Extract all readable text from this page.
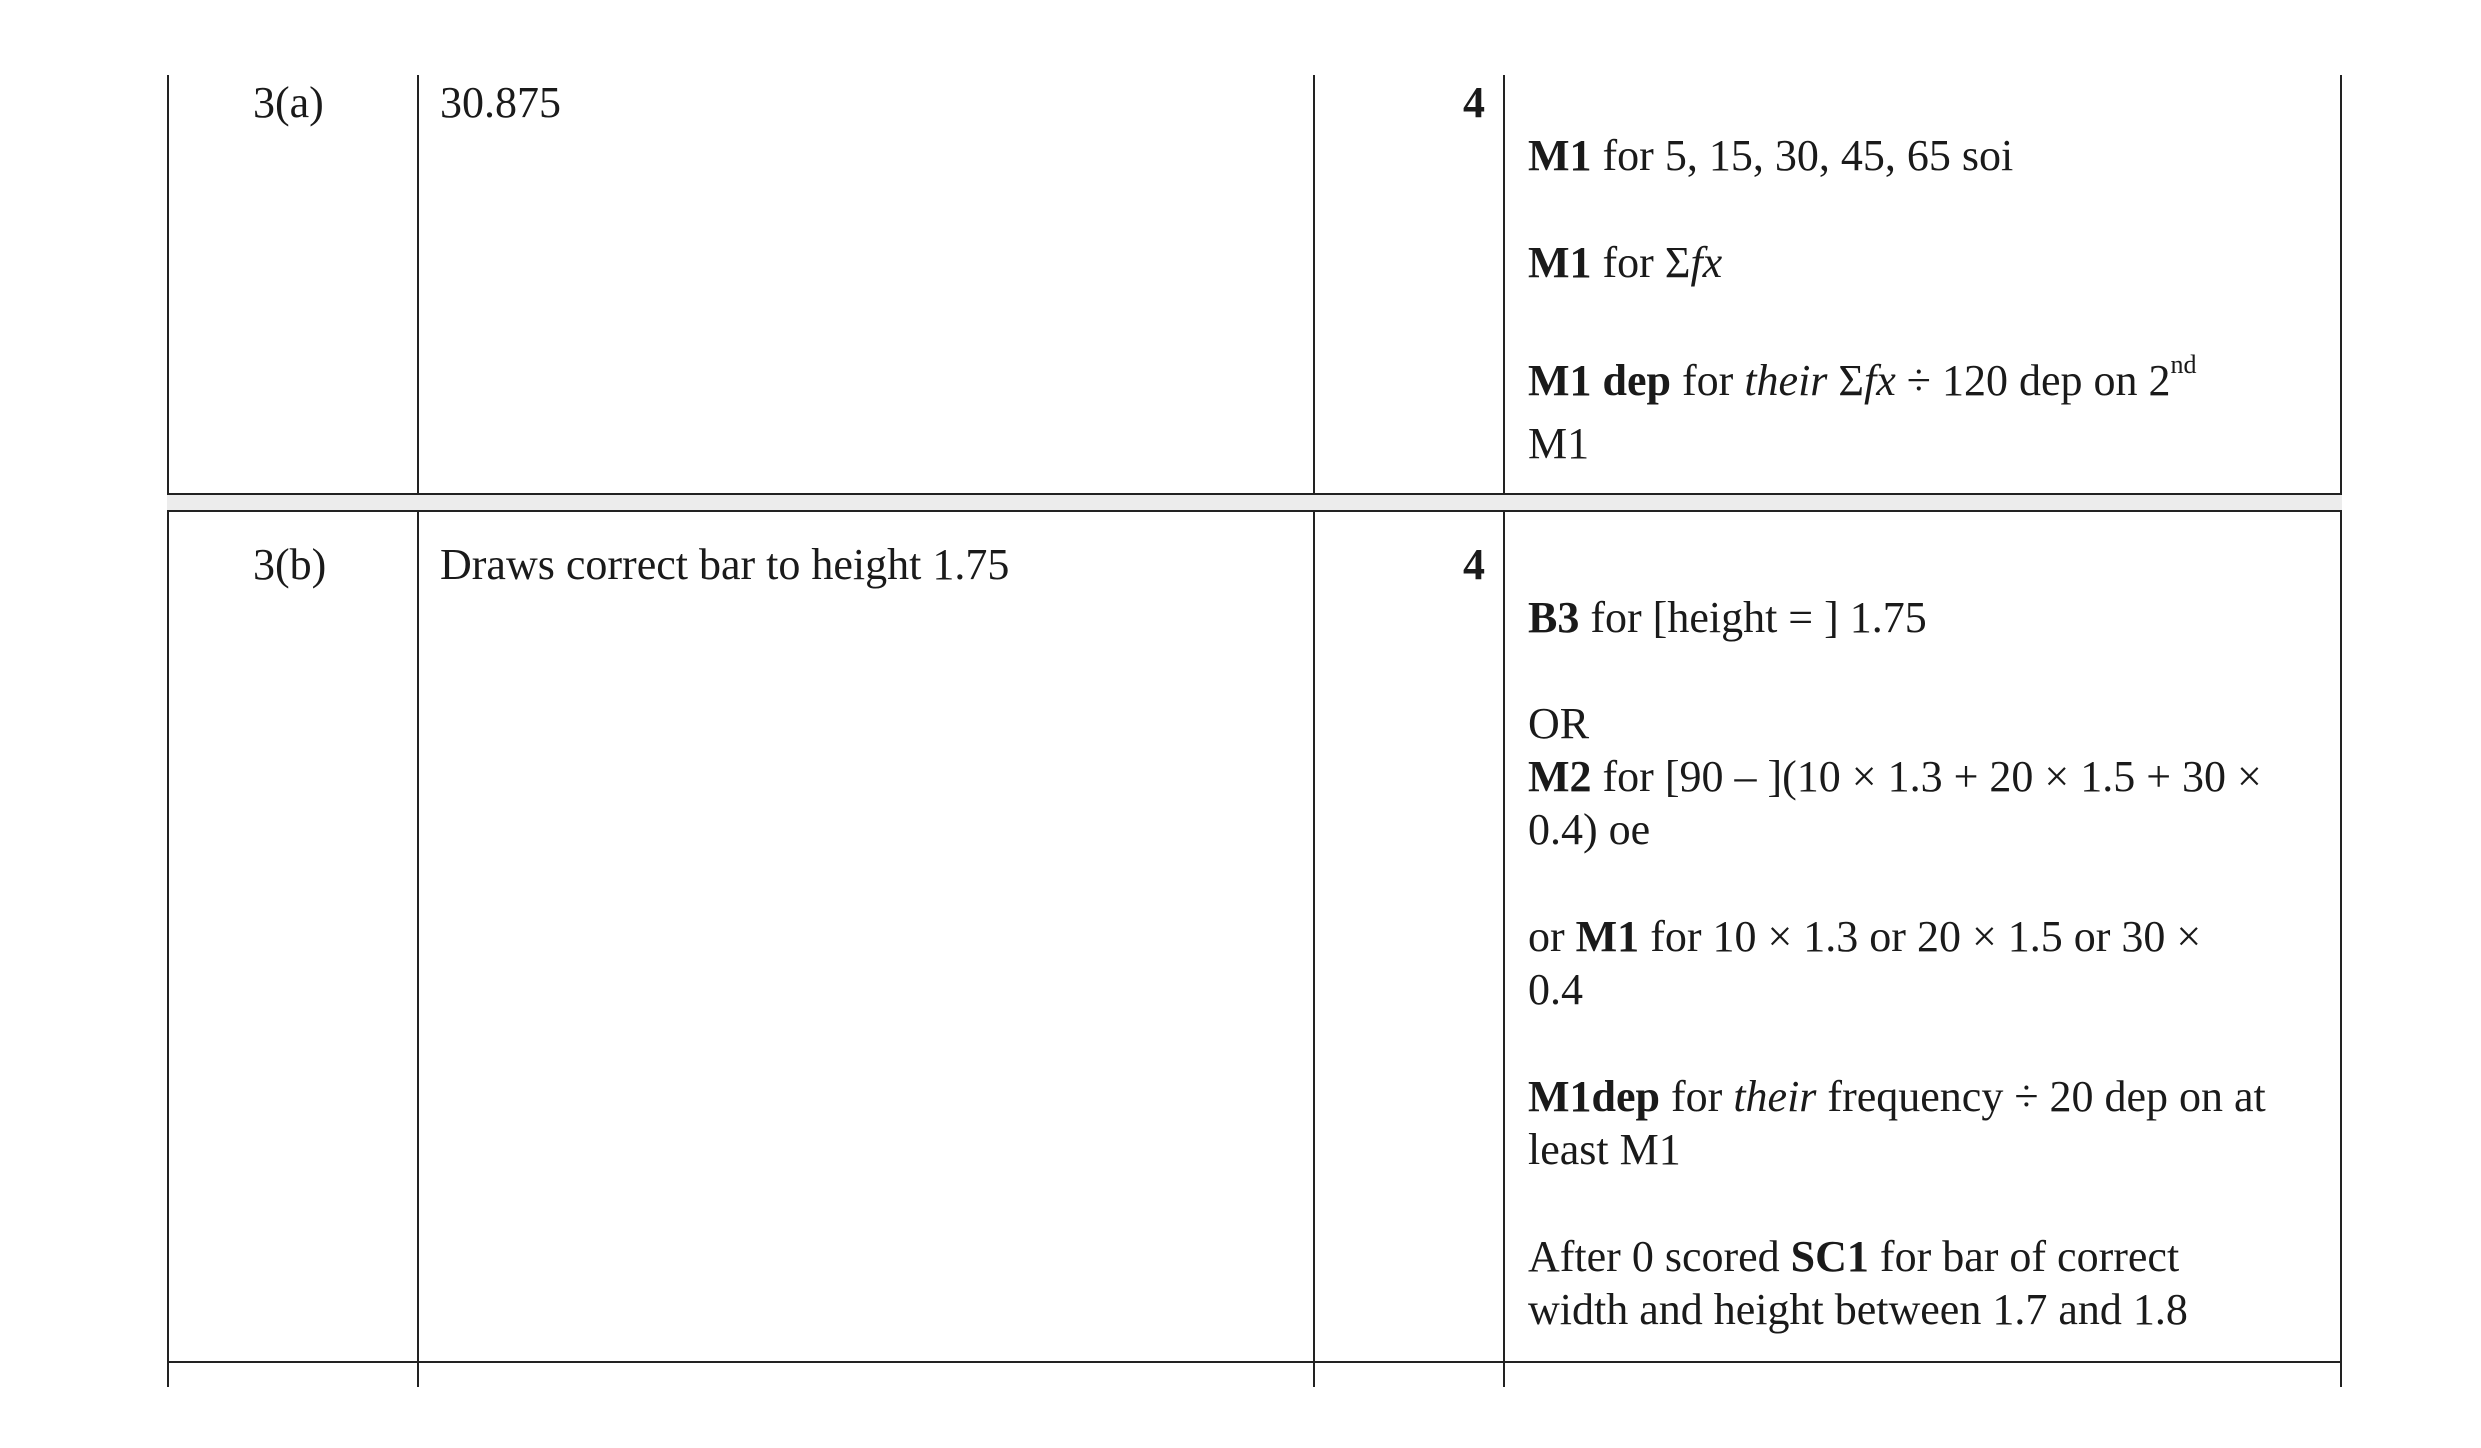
3(a)	30.875	4
M1 for 5, 15, 30, 45, 65 soi
M1 for Σfx
M1 dep for their Σfx ÷ 120 dep on 2nd
M1
3(b)	Draws correct bar to height 1.75	4
B3 for [height = ] 1.75
OR
M2 for [90 – ](10 × 1.3 + 20 × 1.5 + 30 ×
0.4) oe
or M1 for 10 × 1.3 or 20 × 1.5 or 30 ×
0.4
M1dep for their frequency ÷ 20 dep on at
least M1
After 0 scored SC1 for bar of correct
width and height between 1.7 and 1.8
